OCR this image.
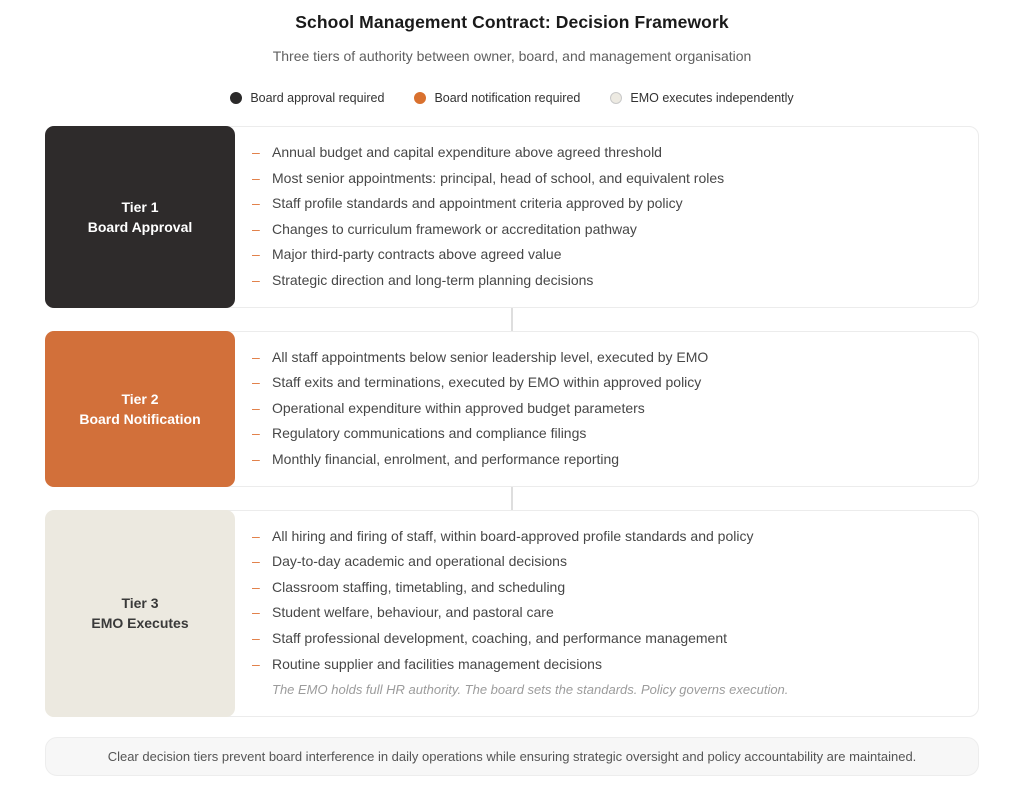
School Management Contract: Decision Framework
Three tiers of authority between owner, board, and management organisation
Board approval required	Board notification required	EMO executes independently
– Annual budget and capital expenditure above agreed threshold
– Most senior appointments: principal, head of school, and equivalent roles
– Staff profile standards and appointment criteria approved by policy
– Changes to curriculum framework or accreditation pathway
– Major third-party contracts above agreed value
– Strategic direction and long-term planning decisions
Tier 1
Board Approval
– All staff appointments below senior leadership level, executed by EMO
– Staff exits and terminations, executed by EMO within approved policy
– Operational expenditure within approved budget parameters
– Regulatory communications and compliance filings
– Monthly financial, enrolment, and performance reporting
Tier 2
Board Notification
– All hiring and firing of staff, within board-approved profile standards and policy
– Day-to-day academic and operational decisions
– Classroom staffing, timetabling, and scheduling
– Student welfare, behaviour, and pastoral care
– Staff professional development, coaching, and performance management
– Routine supplier and facilities management decisions
The EMO holds full HR authority. The board sets the standards. Policy governs execution.
Tier 3
EMO Executes
Clear decision tiers prevent board interference in daily operations while ensuring strategic oversight and policy accountability are maintained.
